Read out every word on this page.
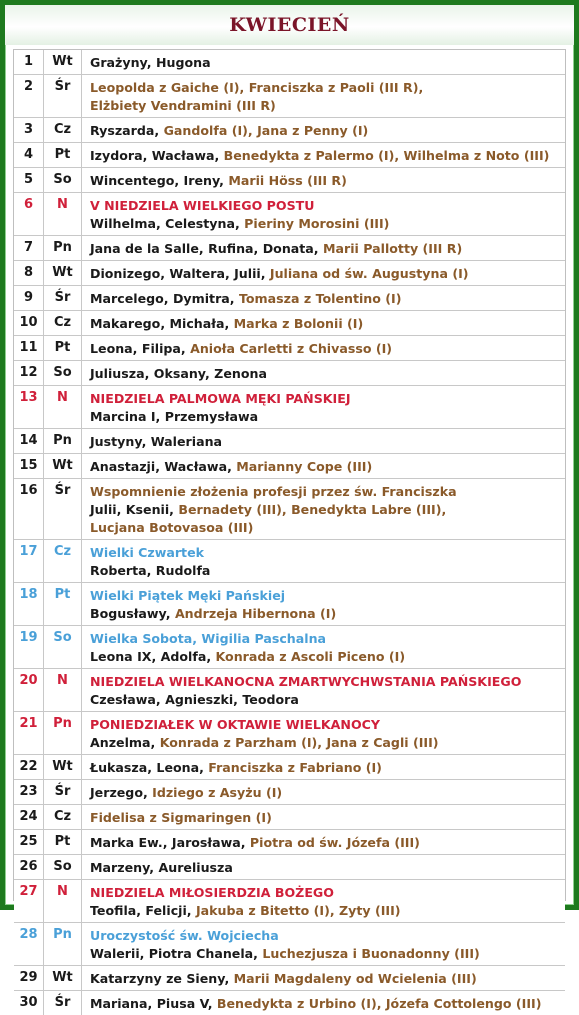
KWIECIEŃ
1	Wt	Grażyny, Hugona
2	Śr	Leopolda z Gaiche (I), Franciszka z Paoli (III R),
Elżbiety Vendramini (III R)
3	Cz	Ryszarda, Gandolfa (I), Jana z Penny (I)
4	Pt	Izydora, Wacława, Benedykta z Palermo (I), Wilhelma z Noto (III)
5	So	Wincentego, Ireny, Marii Höss (III R)
6	N	V NIEDZIELA WIELKIEGO POSTU
Wilhelma, Celestyna, Pieriny Morosini (III)
7	Pn	Jana de la Salle, Rufina, Donata, Marii Pallotty (III R)
8	Wt	Dionizego, Waltera, Julii, Juliana od św. Augustyna (I)
9	Śr	Marcelego, Dymitra, Tomasza z Tolentino (I)
10	Cz	Makarego, Michała, Marka z Bolonii (I)
11	Pt	Leona, Filipa, Anioła Carletti z Chivasso (I)
12	So	Juliusza, Oksany, Zenona
13	N	NIEDZIELA PALMOWA MĘKI PAŃSKIEJ
Marcina I, Przemysława
14	Pn	Justyny, Waleriana
15	Wt	Anastazji, Wacława, Marianny Cope (III)
16	Śr	Wspomnienie złożenia profesji przez św. Franciszka
Julii, Ksenii, Bernadety (III), Benedykta Labre (III),
Lucjana Botovasoa (III)
17	Cz	Wielki Czwartek
Roberta, Rudolfa
18	Pt	Wielki Piątek Męki Pańskiej
Bogusławy, Andrzeja Hibernona (I)
19	So	Wielka Sobota, Wigilia Paschalna
Leona IX, Adolfa, Konrada z Ascoli Piceno (I)
20	N	NIEDZIELA WIELKANOCNA ZMARTWYCHWSTANIA PAŃSKIEGO
Czesława, Agnieszki, Teodora
21	Pn	PONIEDZIAŁEK W OKTAWIE WIELKANOCY
Anzelma, Konrada z Parzham (I), Jana z Cagli (III)
22	Wt	Łukasza, Leona, Franciszka z Fabriano (I)
23	Śr	Jerzego, Idziego z Asyżu (I)
24	Cz	Fidelisa z Sigmaringen (I)
25	Pt	Marka Ew., Jarosława, Piotra od św. Józefa (III)
26	So	Marzeny, Aureliusza
27	N	NIEDZIELA MIŁOSIERDZIA BOŻEGO
Teofila, Felicji, Jakuba z Bitetto (I), Zyty (III)
28	Pn	Uroczystość św. Wojciecha
Walerii, Piotra Chanela, Luchezjusza i Buonadonny (III)
29	Wt	Katarzyny ze Sieny, Marii Magdaleny od Wcielenia (III)
30	Śr	Mariana, Piusa V, Benedykta z Urbino (I), Józefa Cottolengo (III)
